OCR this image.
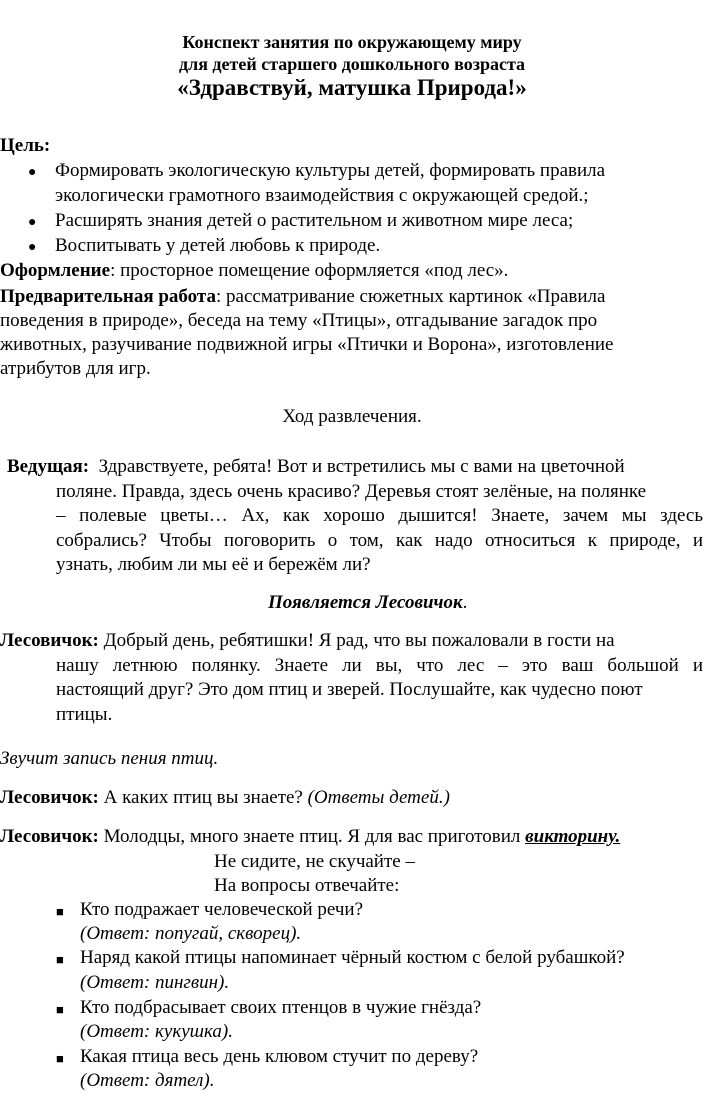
Конспект занятия по окружающему миру
для детей старшего дошкольного возраста
«Здравствуй, матушка Природа!»
Цель:
● Формировать экологическую культуры детей, формировать правила
экологически грамотного взаимодействия с окружающей средой.;
● Расширять знания детей о растительном и животном мире леса;
● Воспитывать у детей любовь к природе.
Оформление: просторное помещение оформляется «под лес».
Предварительная работа: рассматривание сюжетных картинок «Правила
поведения в природе», беседа на тему «Птицы», отгадывание загадок про
животных, разучивание подвижной игры «Птички и Ворона», изготовление
атрибутов для игр.
Ход развлечения.
Ведущая:  Здравствуете, ребята! Вот и встретились мы с вами на цветочной
поляне. Правда, здесь очень красиво? Деревья стоят зелёные, на полянке
– полевые цветы… Ах, как хорошо дышится! Знаете, зачем мы здесь
собрались? Чтобы поговорить о том, как надо относиться к природе, и
узнать, любим ли мы её и бережём ли?
Появляется Лесовичок.
Лесовичок: Добрый день, ребятишки! Я рад, что вы пожаловали в гости на
нашу летнюю полянку. Знаете ли вы, что лес – это ваш большой и
настоящий друг? Это дом птиц и зверей. Послушайте, как чудесно поют
птицы.
Звучит запись пения птиц.
Лесовичок: А каких птиц вы знаете? (Ответы детей.)
Лесовичок: Молодцы, много знаете птиц. Я для вас приготовил викторину.
Не сидите, не скучайте –
На вопросы отвечайте:
■ Кто подражает человеческой речи?
(Ответ: попугай, скворец).
■ Наряд какой птицы напоминает чёрный костюм с белой рубашкой?
(Ответ: пингвин).
■ Кто подбрасывает своих птенцов в чужие гнёзда?
(Ответ: кукушка).
■ Какая птица весь день клювом стучит по дереву?
(Ответ: дятел).
